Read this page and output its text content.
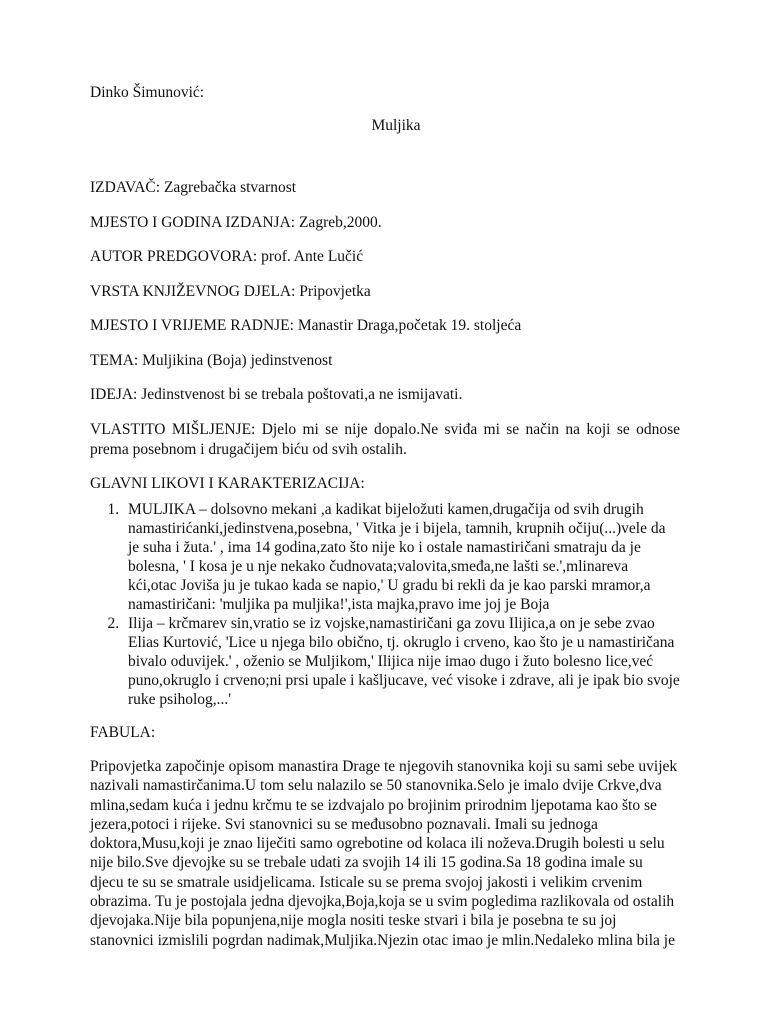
Dinko Šimunović:
Muljika

IZDAVAČ: Zagrebačka stvarnost

MJESTO I GODINA IZDANJA: Zagreb,2000.

AUTOR PREDGOVORA: prof. Ante Lučić

VRSTA KNJIŽEVNOG DJELA: Pripovjetka

MJESTO I VRIJEME RADNJE: Manastir Draga,početak 19. stoljeća

TEMA: Muljikina (Boja) jedinstvenost

IDEJA: Jedinstvenost bi se trebala poštovati,a ne ismijavati.

VLASTITO MIŠLJENJE: Djelo mi se nije dopalo.Ne sviđa mi se način na koji se odnose prema posebnom i drugačijem biću od svih ostalih.

GLAVNI LIKOVI I KARAKTERIZACIJA:

1. MULJIKA – dolsovno mekani ,a kadikat bijeložuti kamen,drugačija od svih drugih namastirićanki,jedinstvena,posebna, ' Vitka je i bijela, tamnih, krupnih očiju(...)vele da je suha i žuta.' , ima 14 godina,zato što nije ko i ostale namastiričani smatraju da je bolesna, ' I kosa je u nje nekako čudnovata;valovita,smeđa,ne lašti se.',mlinareva kći,otac Joviša ju je tukao kada se napio,' U gradu bi rekli da je kao parski mramor,a namastiričani: 'muljika pa muljika!',ista majka,pravo ime joj je Boja
2. Ilija – krčmarev sin,vratio se iz vojske,namastiričani ga zovu Ilijica,a on je sebe zvao Elias Kurtović, 'Lice u njega bilo obično, tj. okruglo i crveno, kao što je u namastiričana bivalo oduvijek.' , oženio se Muljikom,' Ilijica nije imao dugo i žuto bolesno lice,već puno,okruglo i crveno;ni prsi upale i kašljucave, već visoke i zdrave, ali je ipak bio svoje ruke psiholog,...'

FABULA:

Pripovjetka započinje opisom manastira Drage te njegovih stanovnika koji su sami sebe uvijek nazivali namastirčanima.U tom selu nalazilo se 50 stanovnika.Selo je imalo dvije Crkve,dva mlina,sedam kuća i jednu krčmu te se izdvajalo po brojinim prirodnim ljepotama kao što se jezera,potoci i rijeke. Svi stanovnici su se međusobno poznavali. Imali su jednoga doktora,Musu,koji je znao liječiti samo ogrebotine od kolaca ili noževa.Drugih bolesti u selu nije bilo.Sve djevojke su se trebale udati za svojih 14 ili 15 godina.Sa 18 godina imale su djecu te su se smatrale usidjelicama. Isticale su se prema svojoj jakosti i velikim crvenim obrazima. Tu je postojala jedna djevojka,Boja,koja se u svim pogledima razlikovala od ostalih djevojaka.Nije bila popunjena,nije mogla nositi teske stvari i bila je posebna te su joj stanovnici izmislili pogrdan nadimak,Muljika.Njezin otac imao je mlin.Nedaleko mlina bila je
